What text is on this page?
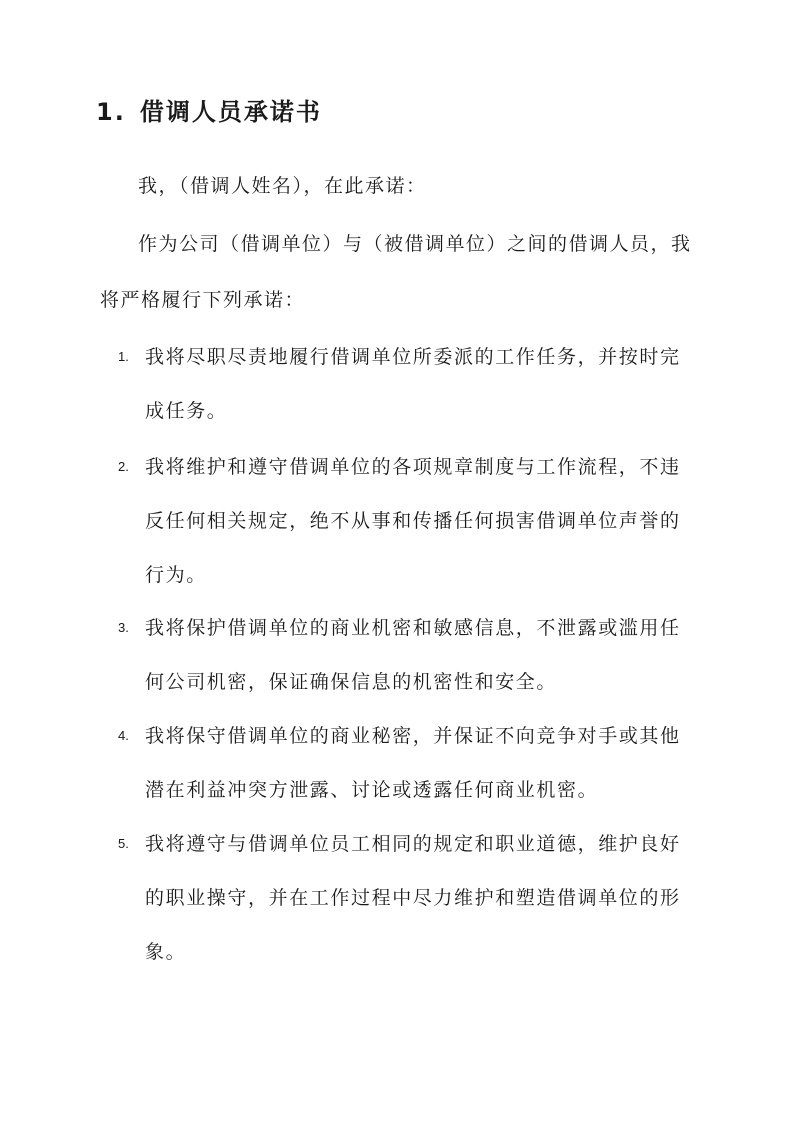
1. 借调人员承诺书
我，（借调人姓名），在此承诺：
作为公司（借调单位）与（被借调单位）之间的借调人员，我将严格履行下列承诺：
1. 我将尽职尽责地履行借调单位所委派的工作任务，并按时完成任务。
2. 我将维护和遵守借调单位的各项规章制度与工作流程，不违反任何相关规定，绝不从事和传播任何损害借调单位声誉的行为。
3. 我将保护借调单位的商业机密和敏感信息，不泄露或滥用任何公司机密，保证确保信息的机密性和安全。
4. 我将保守借调单位的商业秘密，并保证不向竞争对手或其他潜在利益冲突方泄露、讨论或透露任何商业机密。
5. 我将遵守与借调单位员工相同的规定和职业道德，维护良好的职业操守，并在工作过程中尽力维护和塑造借调单位的形象。
